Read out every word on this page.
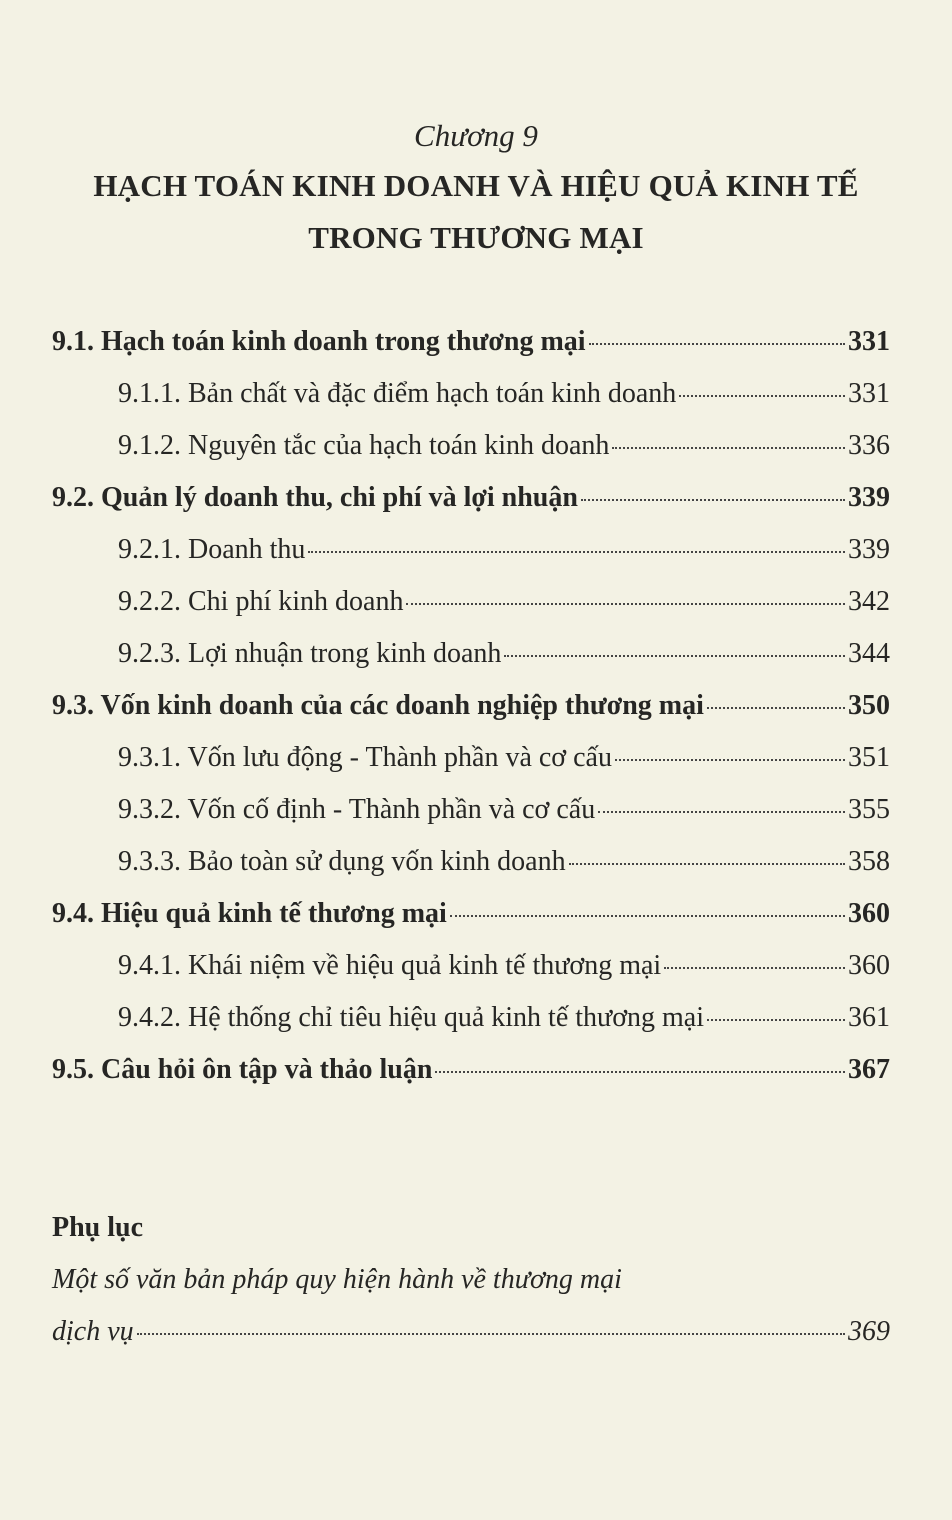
Chương 9
HẠCH TOÁN KINH DOANH VÀ HIỆU QUẢ KINH TẾ
TRONG THƯƠNG MẠI
9.1. Hạch toán kinh doanh trong thương mại	331
9.1.1. Bản chất và đặc điểm hạch toán kinh doanh	331
9.1.2. Nguyên tắc của hạch toán kinh doanh	336
9.2. Quản lý doanh thu, chi phí và lợi nhuận	339
9.2.1. Doanh thu	339
9.2.2. Chi phí kinh doanh	342
9.2.3. Lợi nhuận trong kinh doanh	344
9.3. Vốn kinh doanh của các doanh nghiệp thương mại	350
9.3.1. Vốn lưu động - Thành phần và cơ cấu	351
9.3.2. Vốn cố định - Thành phần và cơ cấu	355
9.3.3. Bảo toàn sử dụng vốn kinh doanh	358
9.4. Hiệu quả kinh tế thương mại	360
9.4.1. Khái niệm về hiệu quả kinh tế thương mại	360
9.4.2. Hệ thống chỉ tiêu hiệu quả kinh tế thương mại	361
9.5. Câu hỏi ôn tập và thảo luận	367
Phụ lục
Một số văn bản pháp quy hiện hành về thương mại
dịch vụ	369
